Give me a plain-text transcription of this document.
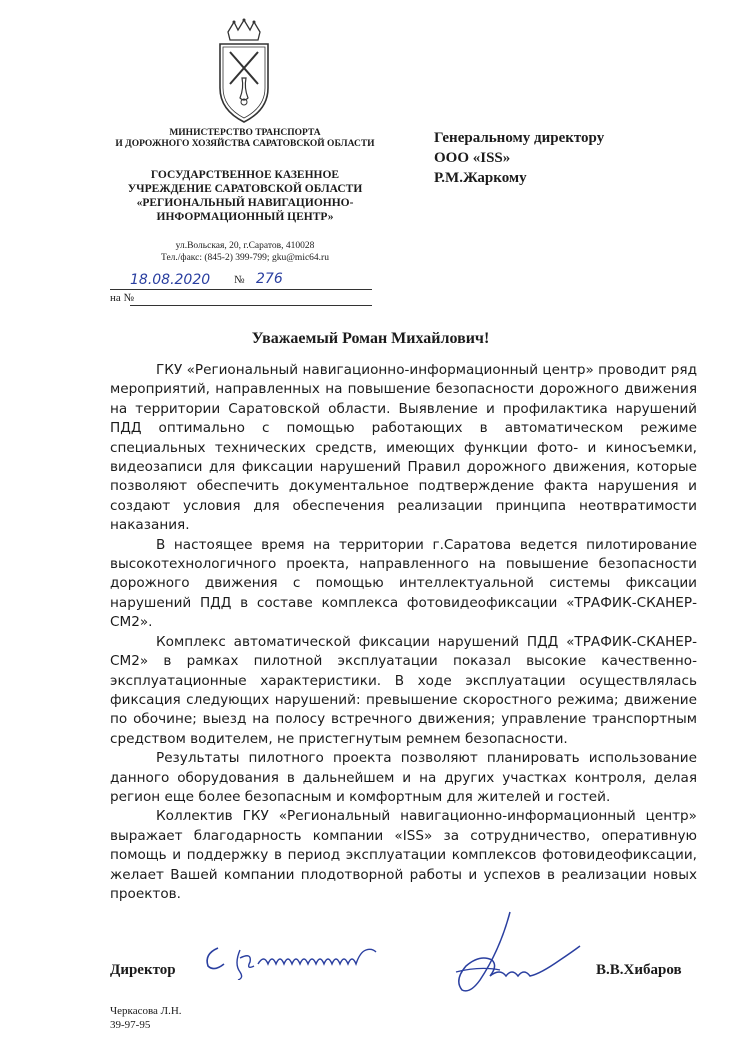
МИНИСТЕРСТВО ТРАНСПОРТА
И ДОРОЖНОГО ХОЗЯЙСТВА САРАТОВСКОЙ ОБЛАСТИ
ГОСУДАРСТВЕННОЕ КАЗЕННОЕ
УЧРЕЖДЕНИЕ САРАТОВСКОЙ ОБЛАСТИ
«РЕГИОНАЛЬНЫЙ НАВИГАЦИОННО-
ИНФОРМАЦИОННЫЙ ЦЕНТР»
ул.Вольская, 20, г.Саратов, 410028
Тел./факс: (845-2) 399-799; gku@mic64.ru
18.08.2020 № 276
на №
Генеральному директору
ООО «ISS»
Р.М.Жаркому
Уважаемый Роман Михайлович!

ГКУ «Региональный навигационно-информационный центр» проводит ряд мероприятий, направленных на повышение безопасности дорожного движения на территории Саратовской области. Выявление и профилактика нарушений ПДД оптимально с помощью работающих в автоматическом режиме специальных технических средств, имеющих функции фото- и киносъемки, видеозаписи для фиксации нарушений Правил дорожного движения, которые позволяют обеспечить документальное подтверждение факта нарушения и создают условия для обеспечения реализации принципа неотвратимости наказания.

В настоящее время на территории г.Саратова ведется пилотирование высокотехнологичного проекта, направленного на повышение безопасности дорожного движения с помощью интеллектуальной системы фиксации нарушений ПДД в составе комплекса фотовидеофиксации «ТРАФИК-СКАНЕР-СМ2».

Комплекс автоматической фиксации нарушений ПДД «ТРАФИК-СКАНЕР-СМ2» в рамках пилотной эксплуатации показал высокие качественно-эксплуатационные характеристики. В ходе эксплуатации осуществлялась фиксация следующих нарушений: превышение скоростного режима; движение по обочине; выезд на полосу встречного движения; управление транспортным средством водителем, не пристегнутым ремнем безопасности.

Результаты пилотного проекта позволяют планировать использование данного оборудования в дальнейшем и на других участках контроля, делая регион еще более безопасным и комфортным для жителей и гостей.

Коллектив ГКУ «Региональный навигационно-информационный центр» выражает благодарность компании «ISS» за сотрудничество, оперативную помощь и поддержку в период эксплуатации комплексов фотовидеофиксации, желает Вашей компании плодотворной работы и успехов в реализации новых проектов.

Директор	В.В.Хибаров
Черкасова Л.Н.
39-97-95
